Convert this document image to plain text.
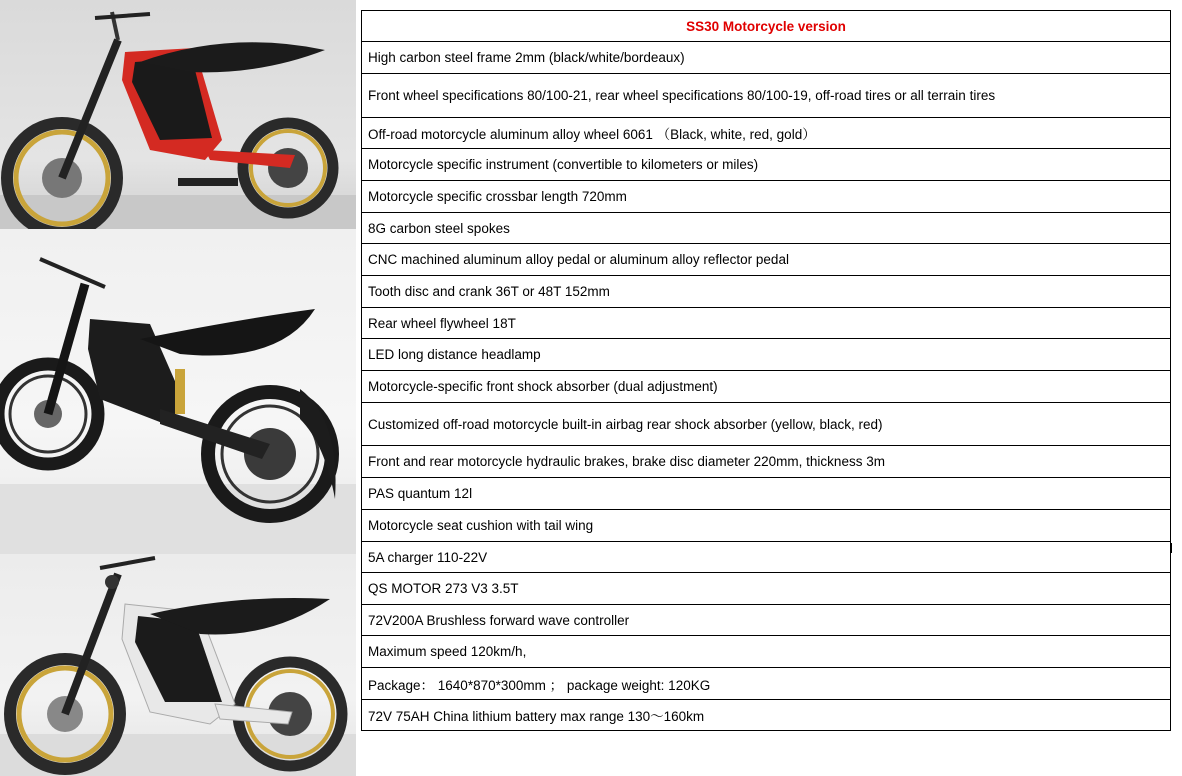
SS30 Motorcycle version
High carbon steel frame 2mm (black/white/bordeaux)
Front wheel specifications 80/100-21, rear wheel specifications 80/100-19, off-road tires or all terrain tires
Off-road motorcycle aluminum alloy wheel 6061 （Black, white, red, gold）
Motorcycle specific instrument (convertible to kilometers or miles)
Motorcycle specific crossbar length 720mm
8G carbon steel spokes
CNC machined aluminum alloy pedal or aluminum alloy reflector pedal
Tooth disc and crank 36T or 48T 152mm
Rear wheel flywheel 18T
LED long distance headlamp
Motorcycle-specific front shock absorber (dual adjustment)
Customized off-road motorcycle built-in airbag rear shock absorber (yellow, black, red)
Front and rear motorcycle hydraulic brakes, brake disc diameter 220mm, thickness 3m
PAS quantum 12l
Motorcycle seat cushion with tail wing
5A charger 110-22V
QS MOTOR 273 V3 3.5T
72V200A Brushless forward wave controller
Maximum speed 120km/h,
Package： 1640*870*300mm ； package weight: 120KG
72V 75AH China lithium battery max range 130～160km
